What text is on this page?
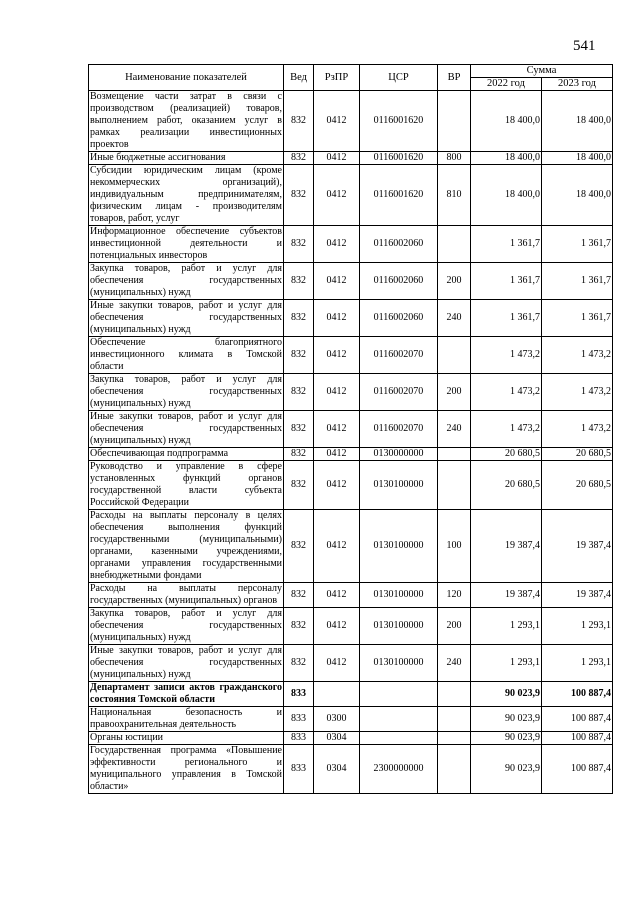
541
Наименование показателей	Вед	РзПР	ЦСР	ВР	Сумма	
					2022 год	2023 год
Возмещение части затрат в связи с производством (реализацией) товаров, выполнением работ, оказанием услуг в рамках реализации инвестиционных проектов	832	0412	0116001620		18 400,0	18 400,0
Иные бюджетные ассигнования	832	0412	0116001620	800	18 400,0	18 400,0
Субсидии юридическим лицам (кроме некоммерческих организаций), индивидуальным предпринимателям, физическим лицам - производителям товаров, работ, услуг	832	0412	0116001620	810	18 400,0	18 400,0
Информационное обеспечение субъектов инвестиционной деятельности и потенциальных инвесторов	832	0412	0116002060		1 361,7	1 361,7
Закупка товаров, работ и услуг для обеспечения государственных (муниципальных) нужд	832	0412	0116002060	200	1 361,7	1 361,7
Иные закупки товаров, работ и услуг для обеспечения государственных (муниципальных) нужд	832	0412	0116002060	240	1 361,7	1 361,7
Обеспечение благоприятного инвестиционного климата в Томской области	832	0412	0116002070		1 473,2	1 473,2
Закупка товаров, работ и услуг для обеспечения государственных (муниципальных) нужд	832	0412	0116002070	200	1 473,2	1 473,2
Иные закупки товаров, работ и услуг для обеспечения государственных (муниципальных) нужд	832	0412	0116002070	240	1 473,2	1 473,2
Обеспечивающая подпрограмма	832	0412	0130000000		20 680,5	20 680,5
Руководство и управление в сфере установленных функций органов государственной власти субъекта Российской Федерации	832	0412	0130100000		20 680,5	20 680,5
Расходы на выплаты персоналу в целях обеспечения выполнения функций государственными (муниципальными) органами, казенными учреждениями, органами управления государственными внебюджетными фондами	832	0412	0130100000	100	19 387,4	19 387,4
Расходы на выплаты персоналу государственных (муниципальных) органов	832	0412	0130100000	120	19 387,4	19 387,4
Закупка товаров, работ и услуг для обеспечения государственных (муниципальных) нужд	832	0412	0130100000	200	1 293,1	1 293,1
Иные закупки товаров, работ и услуг для обеспечения государственных (муниципальных) нужд	832	0412	0130100000	240	1 293,1	1 293,1
Департамент записи актов гражданского состояния Томской области	833				90 023,9	100 887,4
Национальная безопасность и правоохранительная деятельность	833	0300			90 023,9	100 887,4
Органы юстиции	833	0304			90 023,9	100 887,4
Государственная программа «Повышение эффективности регионального и муниципального управления в Томской области»	833	0304	2300000000		90 023,9	100 887,4
